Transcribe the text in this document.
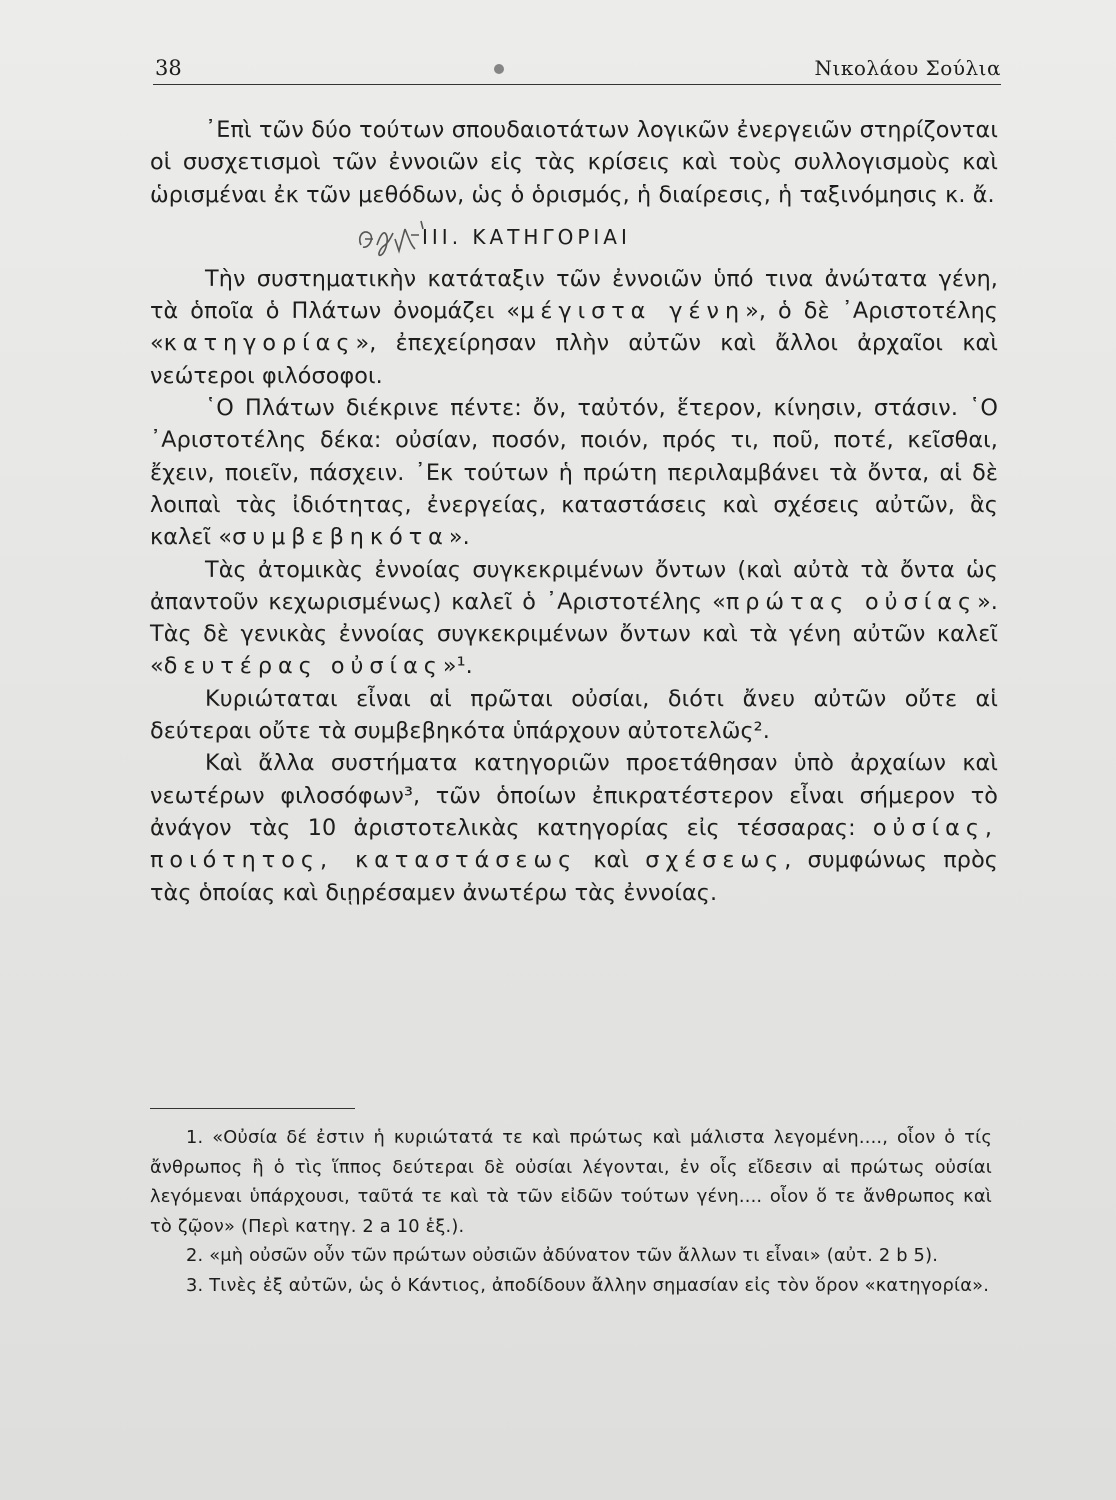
38	Νικολάου Σούλια

᾿Επὶ τῶν δύο τούτων σπουδαιοτάτων λογικῶν ἐνεργειῶν στηρίζονται οἱ συσχετισμοὶ τῶν ἐννοιῶν εἰς τὰς κρίσεις καὶ τοὺς συλλογισμοὺς καὶ ὡρισμέναι ἐκ τῶν μεθόδων, ὡς ὁ ὁρισμός, ἡ διαίρεσις, ἡ ταξινόμησις κ. ἄ.

ΙΙΙ. ΚΑΤΗΓΟΡΙΑΙ

Τὴν συστηματικὴν κατάταξιν τῶν ἐννοιῶν ὑπό τινα ἀνώτατα γένη, τὰ ὁποῖα ὁ Πλάτων ὀνομάζει «μέγιστα γένη», ὁ δὲ ᾿Αριστοτέλης «κατηγορίας», ἐπεχείρησαν πλὴν αὐτῶν καὶ ἄλλοι ἀρχαῖοι καὶ νεώτεροι φιλόσοφοι.

῾Ο Πλάτων διέκρινε πέντε: ὄν, ταὐτόν, ἕτερον, κίνησιν, στάσιν. ῾Ο ᾿Αριστοτέλης δέκα: οὐσίαν, ποσόν, ποιόν, πρός τι, ποῦ, ποτέ, κεῖσθαι, ἔχειν, ποιεῖν, πάσχειν. ᾿Εκ τούτων ἡ πρώτη περιλαμβάνει τὰ ὄντα, αἱ δὲ λοιπαὶ τὰς ἰδιότητας, ἐνεργείας, καταστάσεις καὶ σχέσεις αὐτῶν, ἃς καλεῖ «συμβεβηκότα».

Τὰς ἀτομικὰς ἐννοίας συγκεκριμένων ὄντων (καὶ αὐτὰ τὰ ὄντα ὡς ἀπαντοῦν κεχωρισμένως) καλεῖ ὁ ᾿Αριστοτέλης «πρώτας οὐσίας». Τὰς δὲ γενικὰς ἐννοίας συγκεκριμένων ὄντων καὶ τὰ γένη αὐτῶν καλεῖ «δευτέρας οὐσίας»¹.

Κυριώταται εἶναι αἱ πρῶται οὐσίαι, διότι ἄνευ αὐτῶν οὔτε αἱ δεύτεραι οὔτε τὰ συμβεβηκότα ὑπάρχουν αὐτοτελῶς².

Καὶ ἄλλα συστήματα κατηγοριῶν προετάθησαν ὑπὸ ἀρχαίων καὶ νεωτέρων φιλοσόφων³, τῶν ὁποίων ἐπικρατέστερον εἶναι σήμερον τὸ ἀνάγον τὰς 10 ἀριστοτελικὰς κατηγορίας εἰς τέσσαρας: οὐσίας, ποιότητος, καταστάσεως καὶ σχέσεως, συμφώνως πρὸς τὰς ὁποίας καὶ διῃρέσαμεν ἀνωτέρω τὰς ἐννοίας.

1. «Οὐσία δέ ἐστιν ἡ κυριώτατά τε καὶ πρώτως καὶ μάλιστα λεγομένη...., οἷον ὁ τίς ἄνθρωπος ἢ ὁ τὶς ἵππος δεύτεραι δὲ οὐσίαι λέγονται, ἐν οἷς εἴδεσιν αἱ πρώτως οὐσίαι λεγόμεναι ὑπάρχουσι, ταῦτά τε καὶ τὰ τῶν εἰδῶν τούτων γένη.... οἷον ὅ τε ἄνθρωπος καὶ τὸ ζῷον» (Περὶ κατηγ. 2 a 10 ἑξ.).

2. «μὴ οὐσῶν οὖν τῶν πρώτων οὐσιῶν ἀδύνατον τῶν ἄλλων τι εἶναι» (αὐτ. 2 b 5).

3. Τινὲς ἐξ αὐτῶν, ὡς ὁ Κάντιος, ἀποδίδουν ἄλλην σημασίαν εἰς τὸν ὅρον «κατηγορία».
